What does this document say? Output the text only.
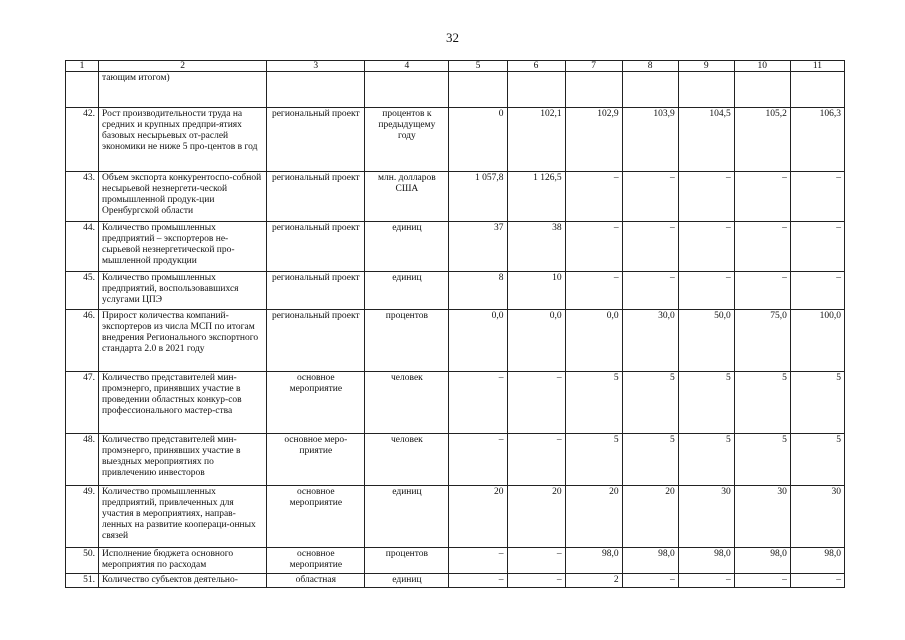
32
1	2	3	4	5	6	7	8	9	10	11
	тающим итогом)									
42.	Рост производительности труда на средних и крупных предпри-ятиях базовых несырьевых от-раслей экономики не ниже 5 про-центов в год	региональный проект	процентов к предыдущему году	0	102,1	102,9	103,9	104,5	105,2	106,3
43.	Объем экспорта конкурентоспо-собной несырьевой незнергети-ческой промышленной продук-ции Оренбургской области	региональный проект	млн. долларов США	1 057,8	1 126,5	–	–	–	–	–
44.	Количество промышленных предприятий – экспортеров не-сырьевой незнергетической про-мышленной продукции	региональный проект	единиц	37	38	–	–	–	–	–
45.	Количество промышленных предприятий, воспользовавшихся услугами ЦПЭ	региональный проект	единиц	8	10	–	–	–	–	–
46.	Прирост количества компаний-экспортеров из числа МСП по итогам внедрения Регионального экспортного стандарта 2.0 в 2021 году	региональный проект	процентов	0,0	0,0	0,0	30,0	50,0	75,0	100,0
47.	Количество представителей мин-промэнерго, принявших участие в проведении областных конкур-сов профессионального мастер-ства	основное мероприятие	человек	–	–	5	5	5	5	5
48.	Количество представителей мин-промэнерго, принявших участие в выездных мероприятиях по привлечению инвесторов	основное меро-приятие	человек	–	–	5	5	5	5	5
49.	Количество промышленных предприятий, привлеченных для участия в мероприятиях, направ-ленных на развитие коопераци-онных связей	основное мероприятие	единиц	20	20	20	20	30	30	30
50.	Исполнение бюджета основного мероприятия по расходам	основное мероприятие	процентов	–	–	98,0	98,0	98,0	98,0	98,0
51.	Количество субъектов деятельно-	областная	единиц	–	–	2	–	–	–	–
